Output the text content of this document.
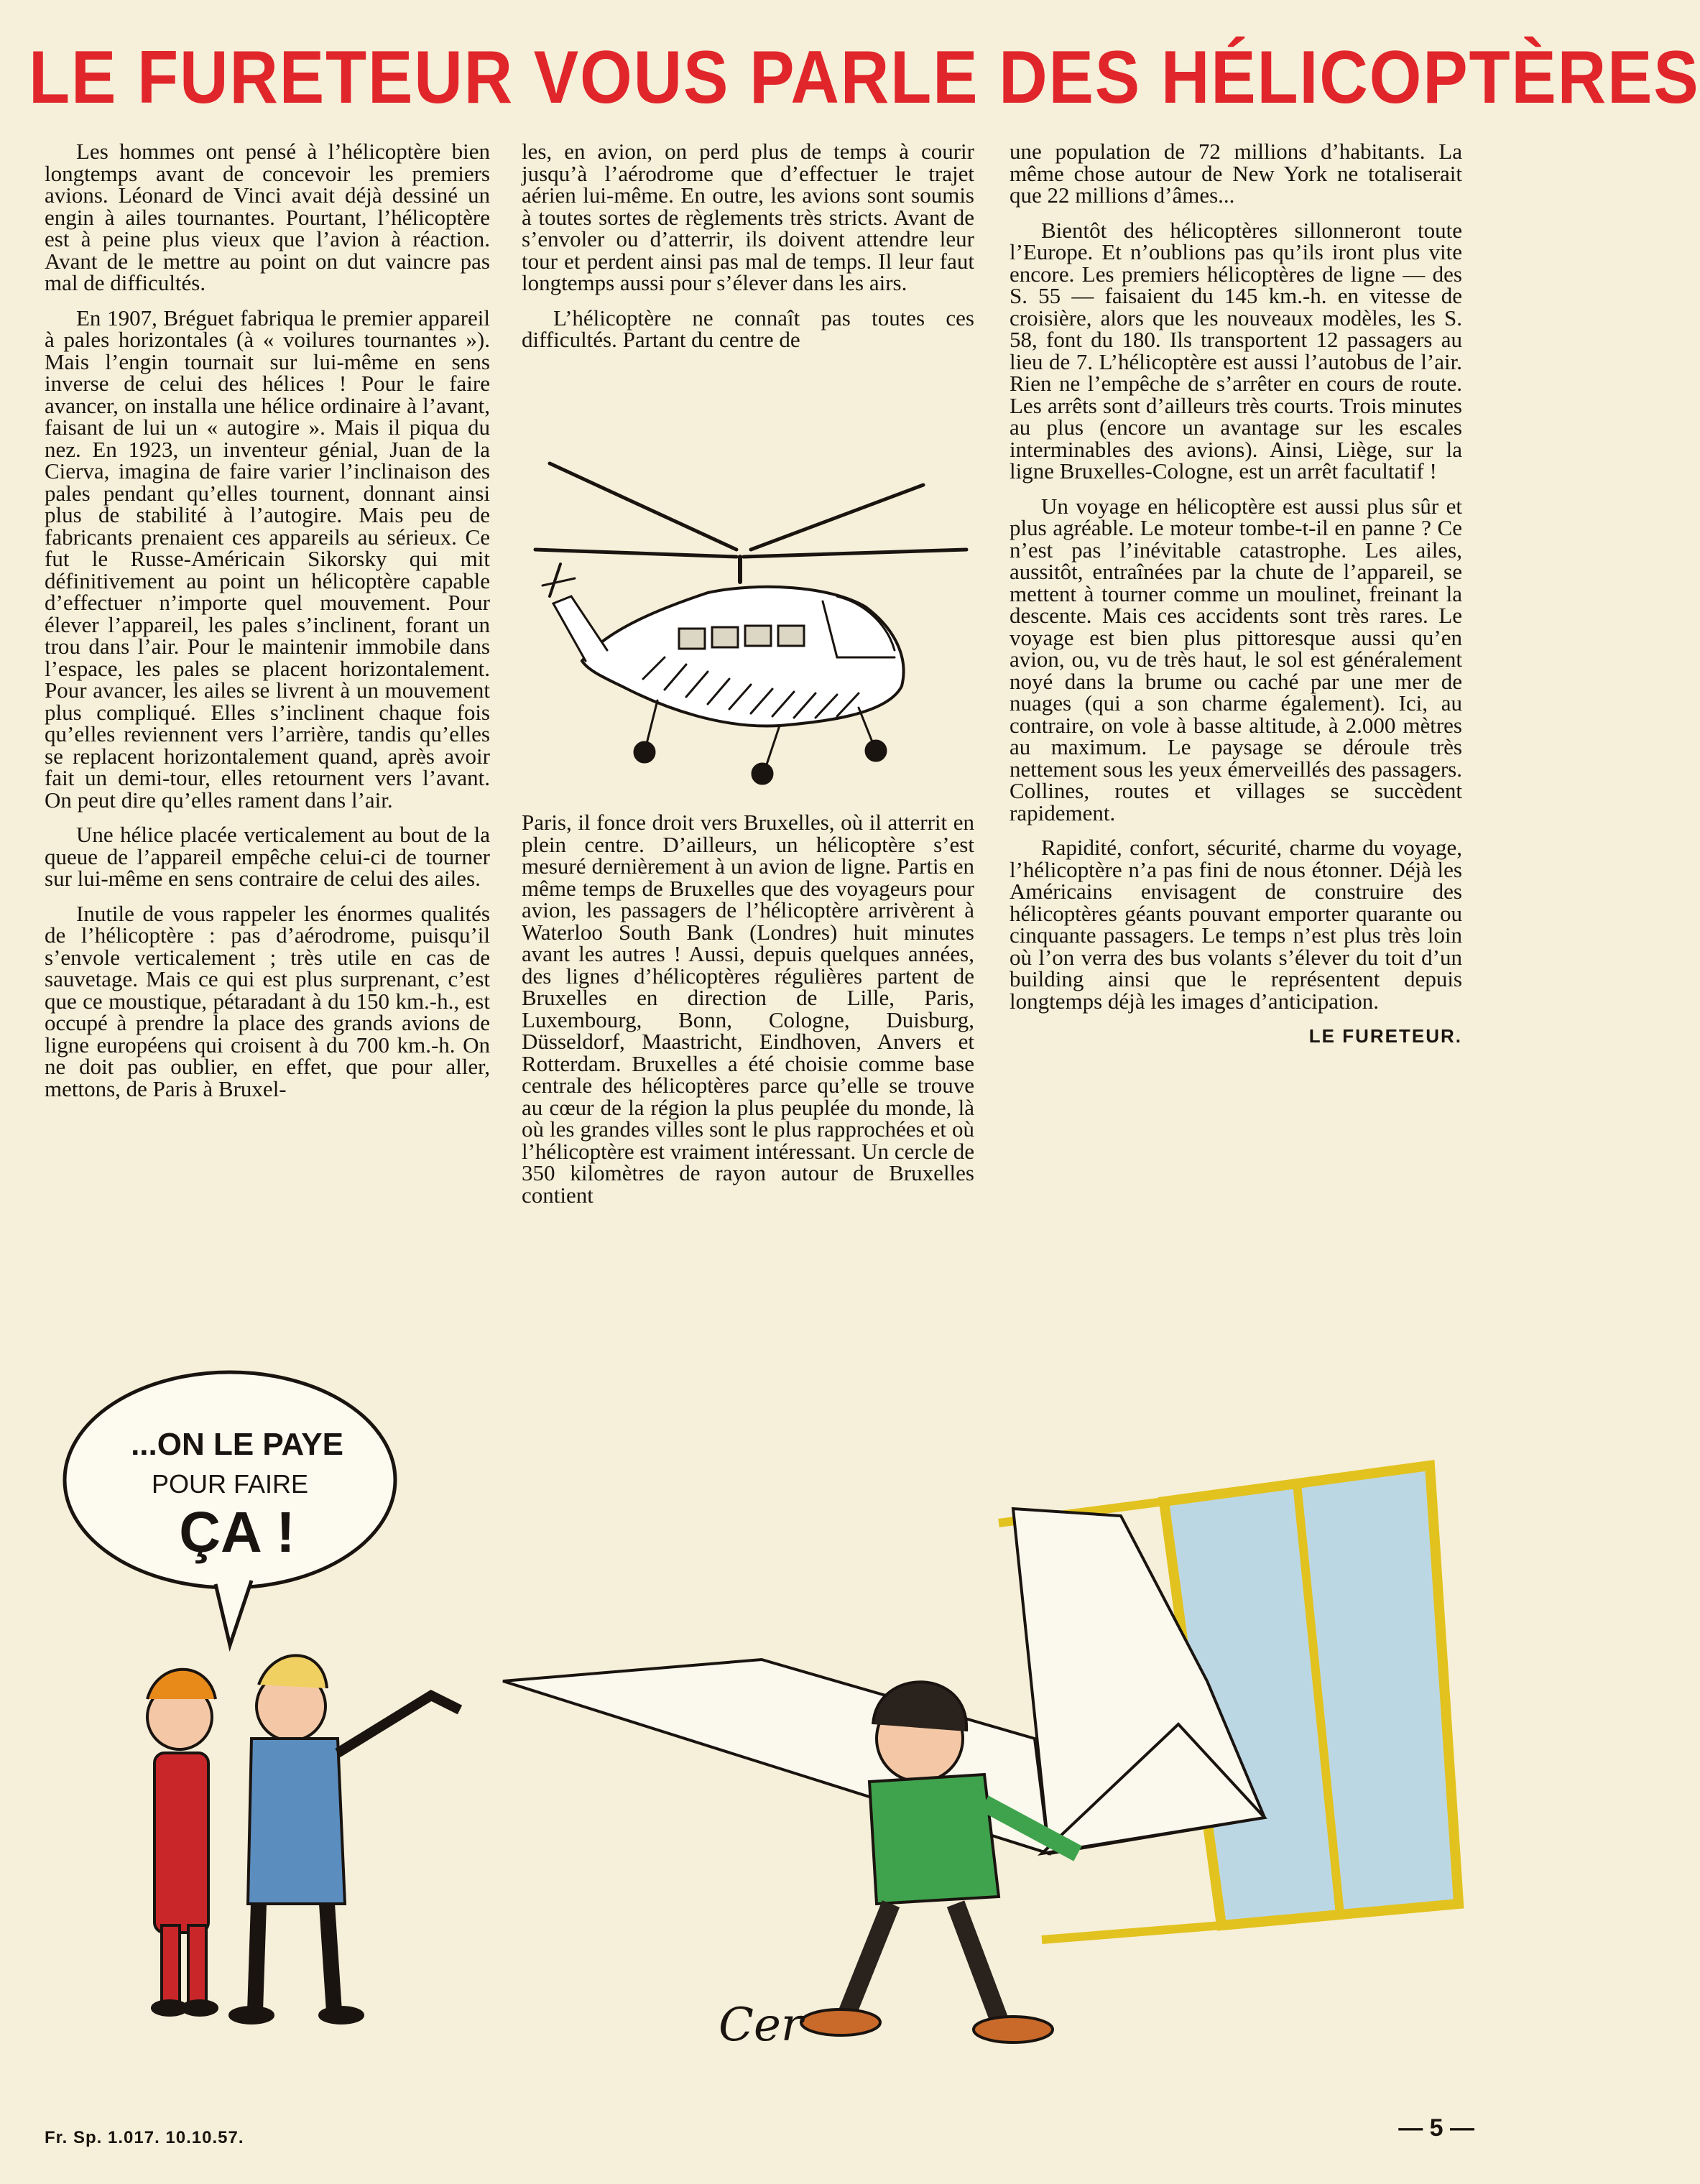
LE FURETEUR VOUS PARLE DES HÉLICOPTÈRES

Les hommes ont pensé à l’hélicoptère bien longtemps avant de concevoir les premiers avions. Léonard de Vinci avait déjà dessiné un engin à ailes tournantes. Pourtant, l’hélicoptère est à peine plus vieux que l’avion à réaction. Avant de le mettre au point on dut vaincre pas mal de difficultés.

En 1907, Bréguet fabriqua le premier appareil à pales horizontales (à « voilures tournantes »). Mais l’engin tournait sur lui-même en sens inverse de celui des hélices ! Pour le faire avancer, on installa une hélice ordinaire à l’avant, faisant de lui un « autogire ». Mais il piqua du nez. En 1923, un inventeur génial, Juan de la Cierva, imagina de faire varier l’inclinaison des pales pendant qu’elles tournent, donnant ainsi plus de stabilité à l’autogire. Mais peu de fabricants prenaient ces appareils au sérieux. Ce fut le Russe-Américain Sikorsky qui mit définitivement au point un hélicoptère capable d’effectuer n’importe quel mouvement. Pour élever l’appareil, les pales s’inclinent, forant un trou dans l’air. Pour le maintenir immobile dans l’espace, les pales se placent horizontalement. Pour avancer, les ailes se livrent à un mouvement plus compliqué. Elles s’inclinent chaque fois qu’elles reviennent vers l’arrière, tandis qu’elles se replacent horizontalement quand, après avoir fait un demi-tour, elles retournent vers l’avant. On peut dire qu’elles rament dans l’air.

Une hélice placée verticalement au bout de la queue de l’appareil empêche celui-ci de tourner sur lui-même en sens contraire de celui des ailes.

Inutile de vous rappeler les énormes qualités de l’hélicoptère : pas d’aérodrome, puisqu’il s’envole verticalement ; très utile en cas de sauvetage. Mais ce qui est plus surprenant, c’est que ce moustique, pétaradant à du 150 km.-h., est occupé à prendre la place des grands avions de ligne européens qui croisent à du 700 km.-h. On ne doit pas oublier, en effet, que pour aller, mettons, de Paris à Bruxel-

les, en avion, on perd plus de temps à courir jusqu’à l’aérodrome que d’effectuer le trajet aérien lui-même. En outre, les avions sont soumis à toutes sortes de règlements très stricts. Avant de s’envoler ou d’atterrir, ils doivent attendre leur tour et perdent ainsi pas mal de temps. Il leur faut longtemps aussi pour s’élever dans les airs.

L’hélicoptère ne connaît pas toutes ces difficultés. Partant du centre de

Paris, il fonce droit vers Bruxelles, où il atterrit en plein centre. D’ailleurs, un hélicoptère s’est mesuré dernièrement à un avion de ligne. Partis en même temps de Bruxelles que des voyageurs pour avion, les passagers de l’hélicoptère arrivèrent à Waterloo South Bank (Londres) huit minutes avant les autres ! Aussi, depuis quelques années, des lignes d’hélicoptères régulières partent de Bruxelles en direction de Lille, Paris, Luxembourg, Bonn, Cologne, Duisburg, Düsseldorf, Maastricht, Eindhoven, Anvers et Rotterdam. Bruxelles a été choisie comme base centrale des hélicoptères parce qu’elle se trouve au cœur de la région la plus peuplée du monde, là où les grandes villes sont le plus rapprochées et où l’hélicoptère est vraiment intéressant. Un cercle de 350 kilomètres de rayon autour de Bruxelles contient

une population de 72 millions d’habitants. La même chose autour de New York ne totaliserait que 22 millions d’âmes...

Bientôt des hélicoptères sillonneront toute l’Europe. Et n’oublions pas qu’ils iront plus vite encore. Les premiers hélicoptères de ligne — des S. 55 — faisaient du 145 km.-h. en vitesse de croisière, alors que les nouveaux modèles, les S. 58, font du 180. Ils transportent 12 passagers au lieu de 7. L’hélicoptère est aussi l’autobus de l’air. Rien ne l’empêche de s’arrêter en cours de route. Les arrêts sont d’ailleurs très courts. Trois minutes au plus (encore un avantage sur les escales interminables des avions). Ainsi, Liège, sur la ligne Bruxelles-Cologne, est un arrêt facultatif !

Un voyage en hélicoptère est aussi plus sûr et plus agréable. Le moteur tombe-t-il en panne ? Ce n’est pas l’inévitable catastrophe. Les ailes, aussitôt, entraînées par la chute de l’appareil, se mettent à tourner comme un moulinet, freinant la descente. Mais ces accidents sont très rares. Le voyage est bien plus pittoresque aussi qu’en avion, ou, vu de très haut, le sol est généralement noyé dans la brume ou caché par une mer de nuages (qui a son charme également). Ici, au contraire, on vole à basse altitude, à 2.000 mètres au maximum. Le paysage se déroule très nettement sous les yeux émerveillés des passagers. Collines, routes et villages se succèdent rapidement.

Rapidité, confort, sécurité, charme du voyage, l’hélicoptère n’a pas fini de nous étonner. Déjà les Américains envisagent de construire des hélicoptères géants pouvant emporter quarante ou cinquante passagers. Le temps n’est plus très loin où l’on verra des bus volants s’élever du toit d’un building ainsi que le représentent depuis longtemps déjà les images d’anticipation.

LE FURETEUR.

...ON LE PAYE
POUR FAIRE
ÇA !
Cer
Fr. Sp. 1.017. 10.10.57.	— 5 —
